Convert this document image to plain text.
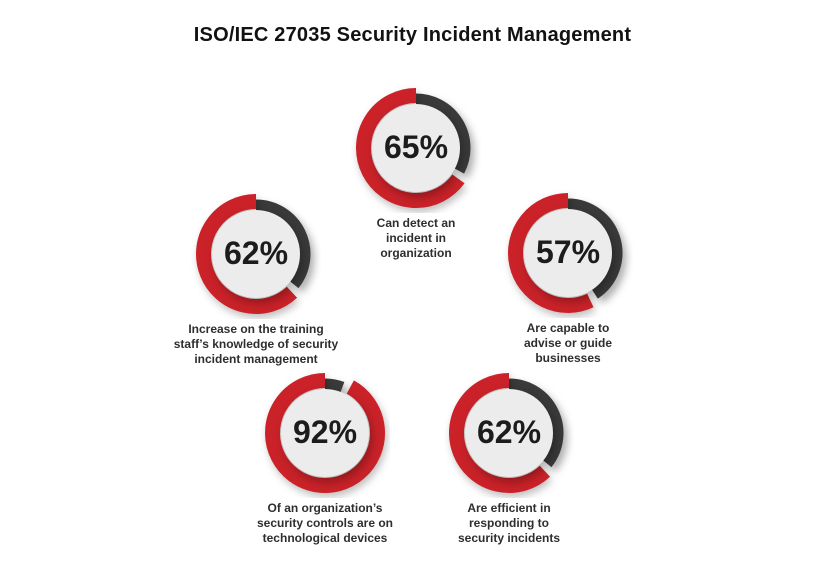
ISO/IEC 27035 Security Incident Management
65%
Can detect an
incident in
organization
62%
Increase on the training
staff’s knowledge of security
incident management
57%
Are capable to
advise or guide
businesses
92%
Of an organization’s
security controls are on
technological devices
62%
Are efficient in
responding to
security incidents
